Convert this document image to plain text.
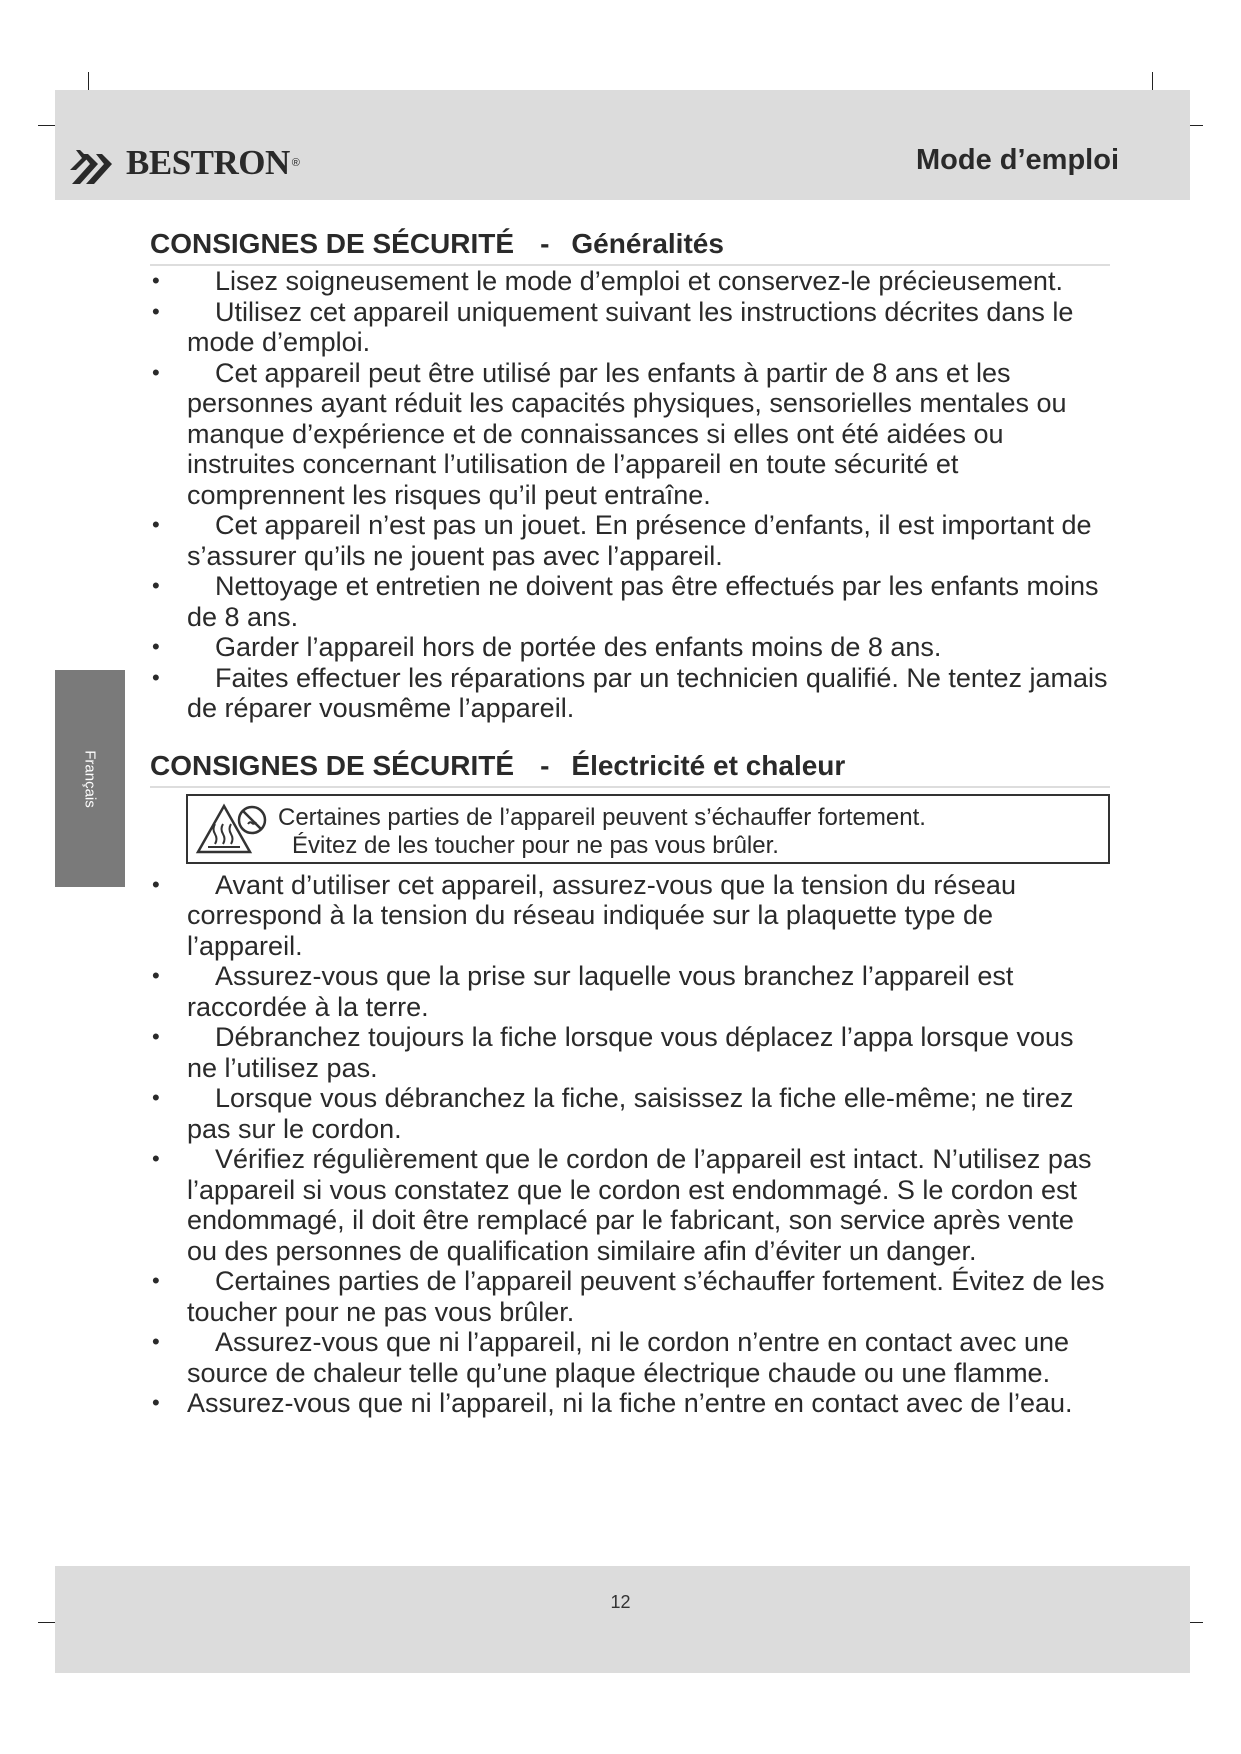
BESTRON ®	Mode d’emploi
Français
CONSIGNES DE SÉCURITÉ - Généralités
• Lisez soigneusement le mode d’emploi et conservez-le précieusement.
• Utilisez cet appareil uniquement suivant les instructions décrites dans le mode d’emploi.
• Cet appareil peut être utilisé par les enfants à partir de 8 ans et les personnes ayant réduit les capacités physiques, sensorielles mentales ou manque d’expérience et de connaissances si elles ont été aidées ou instruites concernant l’utilisation de l’appareil en toute sécurité et comprennent les risques qu’il peut entraîne.
• Cet appareil n’est pas un jouet. En présence d’enfants, il est important de s’assurer qu’ils ne jouent pas avec l’appareil.
• Nettoyage et entretien ne doivent pas être effectués par les enfants moins de 8 ans.
• Garder l’appareil hors de portée des enfants moins de 8 ans.
• Faites effectuer les réparations par un technicien qualifié. Ne tentez jamais de réparer vousmême l’appareil.
CONSIGNES DE SÉCURITÉ - Électricité et chaleur
Certaines parties de l’appareil peuvent s’échauffer fortement.
Évitez de les toucher pour ne pas vous brûler.
• Avant d’utiliser cet appareil, assurez-vous que la tension du réseau correspond à la tension du réseau indiquée sur la plaquette type de l’appareil.
• Assurez-vous que la prise sur laquelle vous branchez l’appareil est raccordée à la terre.
• Débranchez toujours la fiche lorsque vous déplacez l’appa lorsque vous ne l’utilisez pas.
• Lorsque vous débranchez la fiche, saisissez la fiche elle-même; ne tirez pas sur le cordon.
• Vérifiez régulièrement que le cordon de l’appareil est intact. N’utilisez pas l’appareil si vous constatez que le cordon est endommagé. S le cordon est endommagé, il doit être remplacé par le fabricant, son service après vente ou des personnes de qualification similaire afin d’éviter un danger.
• Certaines parties de l’appareil peuvent s’échauffer fortement. Évitez de les toucher pour ne pas vous brûler.
• Assurez-vous que ni l’appareil, ni le cordon n’entre en contact avec une source de chaleur telle qu’une plaque électrique chaude ou une flamme.
• Assurez-vous que ni l’appareil, ni la fiche n’entre en contact avec de l’eau.
12
